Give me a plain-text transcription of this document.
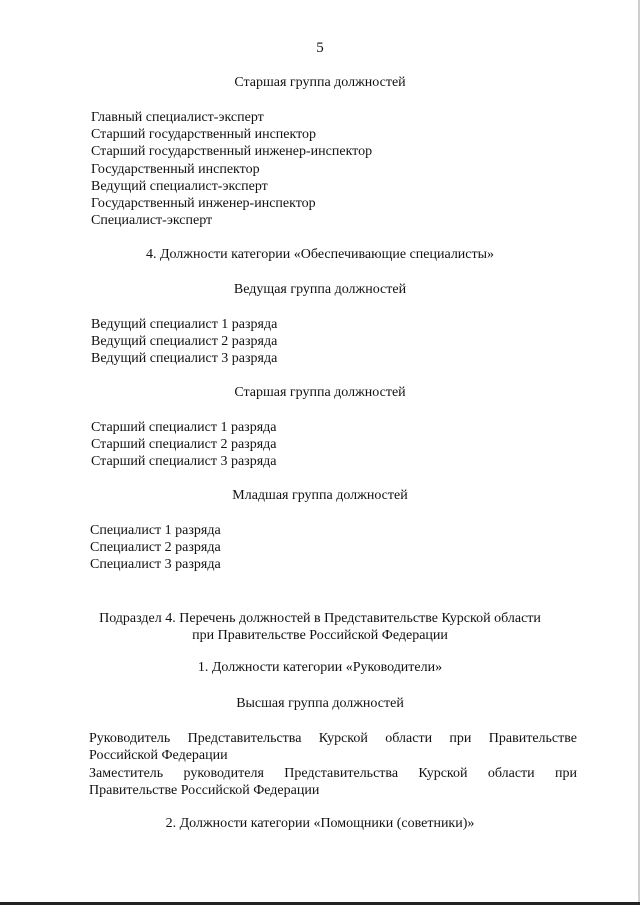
5
Старшая группа должностей
Главный специалист-эксперт
Старший государственный инспектор
Старший государственный инженер-инспектор
Государственный инспектор
Ведущий специалист-эксперт
Государственный инженер-инспектор
Специалист-эксперт
4. Должности категории «Обеспечивающие специалисты»
Ведущая группа должностей
Ведущий специалист 1 разряда
Ведущий специалист 2 разряда
Ведущий специалист 3 разряда
Старшая группа должностей
Старший специалист 1 разряда
Старший специалист 2 разряда
Старший специалист 3 разряда
Младшая группа должностей
Специалист 1 разряда
Специалист 2 разряда
Специалист 3 разряда
Подраздел 4. Перечень должностей в Представительстве Курской области
при Правительстве Российской Федерации
1. Должности категории «Руководители»
Высшая группа должностей

Руководитель Представительства Курской области при Правительстве Российской Федерации

Заместитель руководителя Представительства Курской области при Правительстве Российской Федерации

2. Должности категории «Помощники (советники)»
